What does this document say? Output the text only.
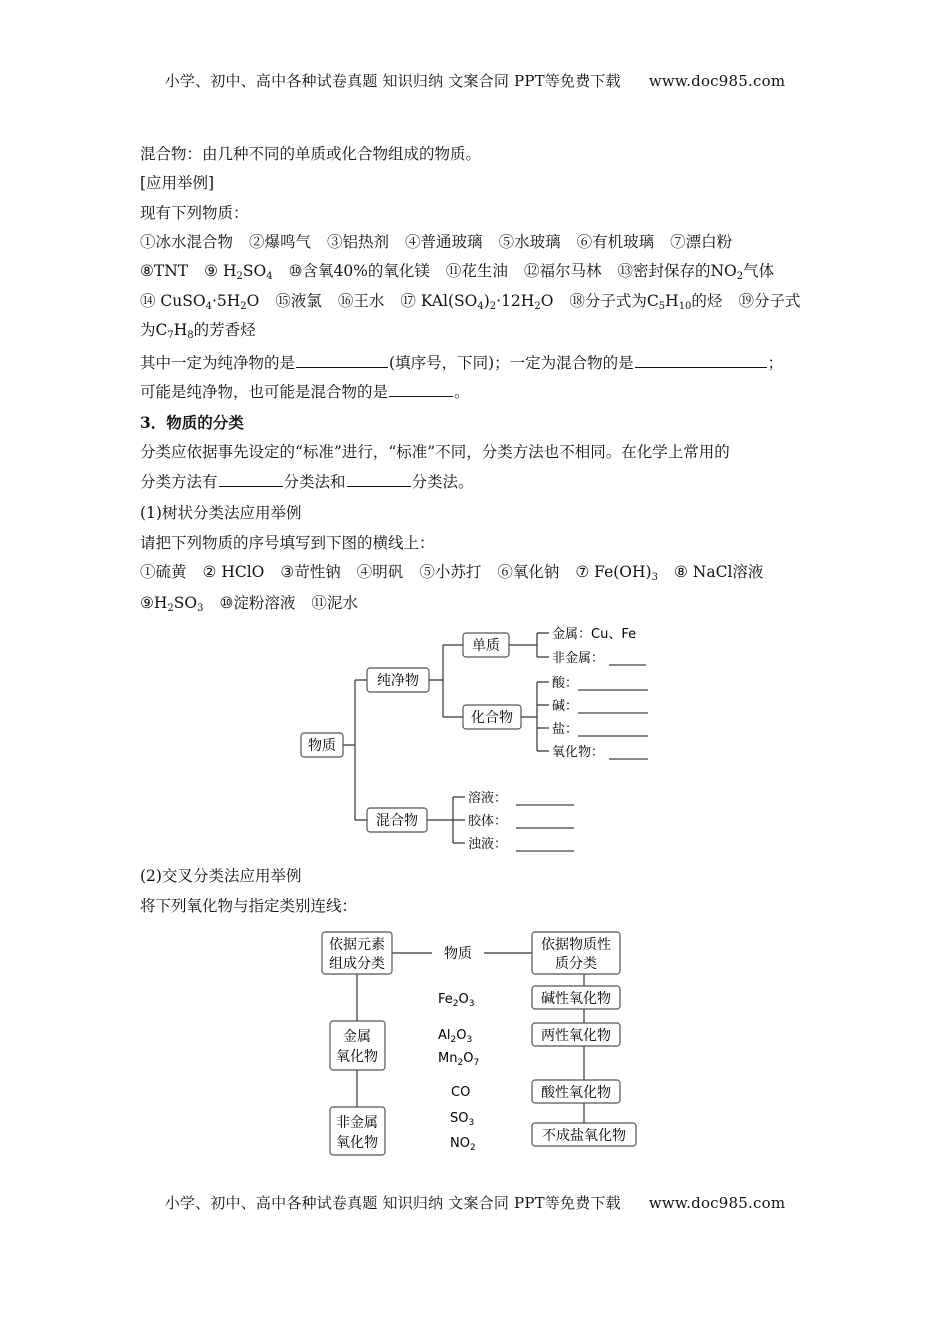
小学、初中、高中各种试卷真题 知识归纳 文案合同 PPT等免费下载 www.doc985.com
混合物：由几种不同的单质或化合物组成的物质。
[应用举例]
现有下列物质：
①冰水混合物 ②爆鸣气 ③铝热剂 ④普通玻璃 ⑤水玻璃 ⑥有机玻璃 ⑦漂白粉
⑧TNT ⑨ $H_2SO_4$ ⑩含氧40%的氧化镁 ⑪花生油 ⑫福尔马林 ⑬密封保存的$NO_2$气体
⑭ $CuSO_4\cdot 5H_2O$ ⑮液氯 ⑯王水 ⑰ $KAl(SO_4)_2\cdot 12H_2O$ ⑱分子式为$C_5H_{10}$的烃 ⑲分子式
为$C_7H_8$的芳香烃
其中一定为纯净物的是	(填序号，下同)；一定为混合物的是	；
可能是纯净物，也可能是混合物的是	。
3．物质的分类
分类应依据事先设定的“标准”进行，“标准”不同，分类方法也不相同。在化学上常用的
分类方法有	分类法和	分类法。
(1)树状分类法应用举例
请把下列物质的序号填写到下图的横线上：
①硫黄 ② HClO ③苛性钠 ④明矾 ⑤小苏打 ⑥氧化钠 ⑦ $Fe(OH)_3$ ⑧ NaCl溶液
$⑨H_2SO_3$ ⑩淀粉溶液 ⑪泥水
物质
纯净物
混合物
单质
化合物
金属：Cu、Fe
非金属：
酸：
碱：
盐：
氧化物：
溶液：
胶体：
浊液：
(2)交叉分类法应用举例
将下列氧化物与指定类别连线：
依据元素
组成分类
金属
氧化物
非金属
氧化物
物质
依据物质性
质分类
碱性氧化物
两性氧化物
酸性氧化物
不成盐氧化物
$Fe_2O_3$
$Al_2O_3$
$Mn_2O_7$
CO
$SO_3$
$NO_2$
小学、初中、高中各种试卷真题 知识归纳 文案合同 PPT等免费下载 www.doc985.com
